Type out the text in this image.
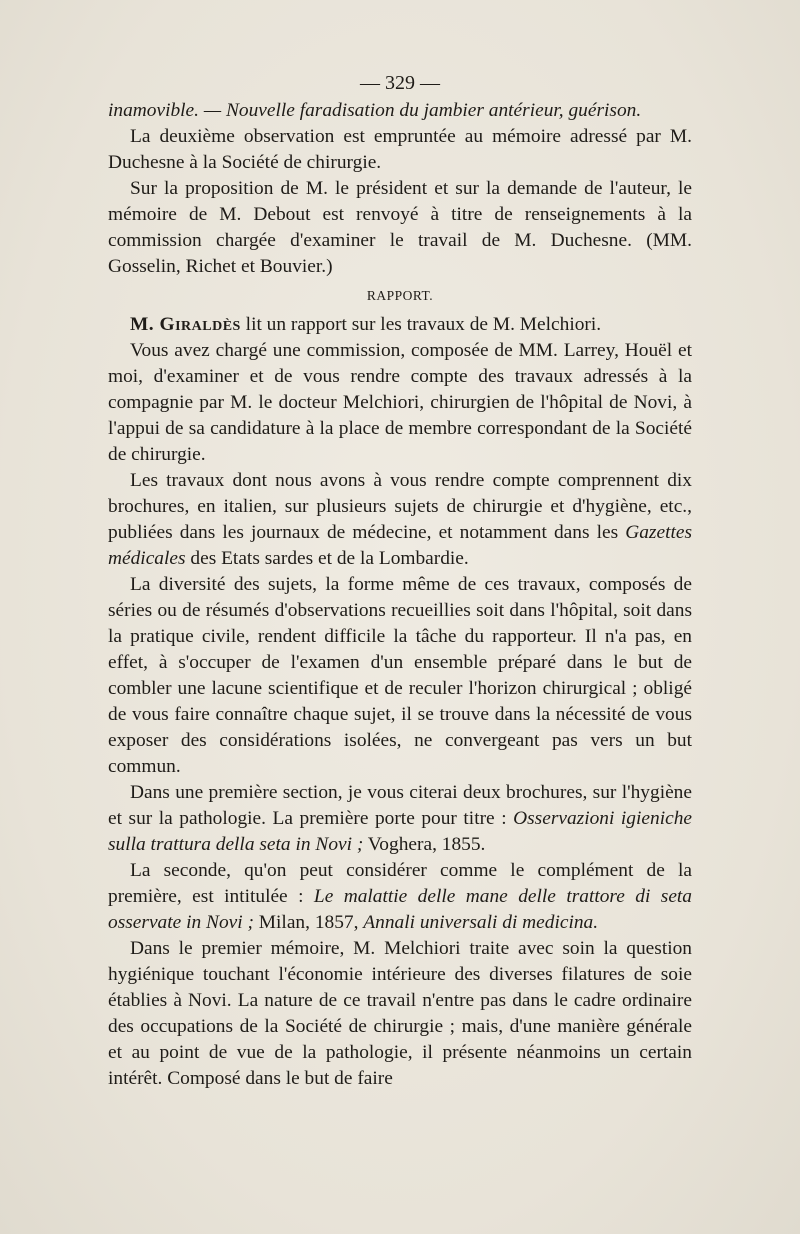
— 329 —

inamovible. — Nouvelle faradisation du jambier antérieur, guérison.

La deuxième observation est empruntée au mémoire adressé par M. Duchesne à la Société de chirurgie.

Sur la proposition de M. le président et sur la demande de l'auteur, le mémoire de M. Debout est renvoyé à titre de renseignements à la commission chargée d'examiner le travail de M. Duchesne. (MM. Gosselin, Richet et Bouvier.)

RAPPORT.

M. Giraldès lit un rapport sur les travaux de M. Melchiori.

Vous avez chargé une commission, composée de MM. Larrey, Houël et moi, d'examiner et de vous rendre compte des travaux adressés à la compagnie par M. le docteur Melchiori, chirurgien de l'hôpital de Novi, à l'appui de sa candidature à la place de membre correspondant de la Société de chirurgie.

Les travaux dont nous avons à vous rendre compte comprennent dix brochures, en italien, sur plusieurs sujets de chirurgie et d'hygiène, etc., publiées dans les journaux de médecine, et notamment dans les Gazettes médicales des Etats sardes et de la Lombardie.

La diversité des sujets, la forme même de ces travaux, composés de séries ou de résumés d'observations recueillies soit dans l'hôpital, soit dans la pratique civile, rendent difficile la tâche du rapporteur. Il n'a pas, en effet, à s'occuper de l'examen d'un ensemble préparé dans le but de combler une lacune scientifique et de reculer l'horizon chirurgical ; obligé de vous faire connaître chaque sujet, il se trouve dans la nécessité de vous exposer des considérations isolées, ne convergeant pas vers un but commun.

Dans une première section, je vous citerai deux brochures, sur l'hygiène et sur la pathologie. La première porte pour titre : Osservazioni igieniche sulla trattura della seta in Novi ; Voghera, 1855.

La seconde, qu'on peut considérer comme le complément de la première, est intitulée : Le malattie delle mane delle trattore di seta osservate in Novi ; Milan, 1857, Annali universali di medicina.

Dans le premier mémoire, M. Melchiori traite avec soin la question hygiénique touchant l'économie intérieure des diverses filatures de soie établies à Novi. La nature de ce travail n'entre pas dans le cadre ordinaire des occupations de la Société de chirurgie ; mais, d'une manière générale et au point de vue de la pathologie, il présente néanmoins un certain intérêt. Composé dans le but de faire
